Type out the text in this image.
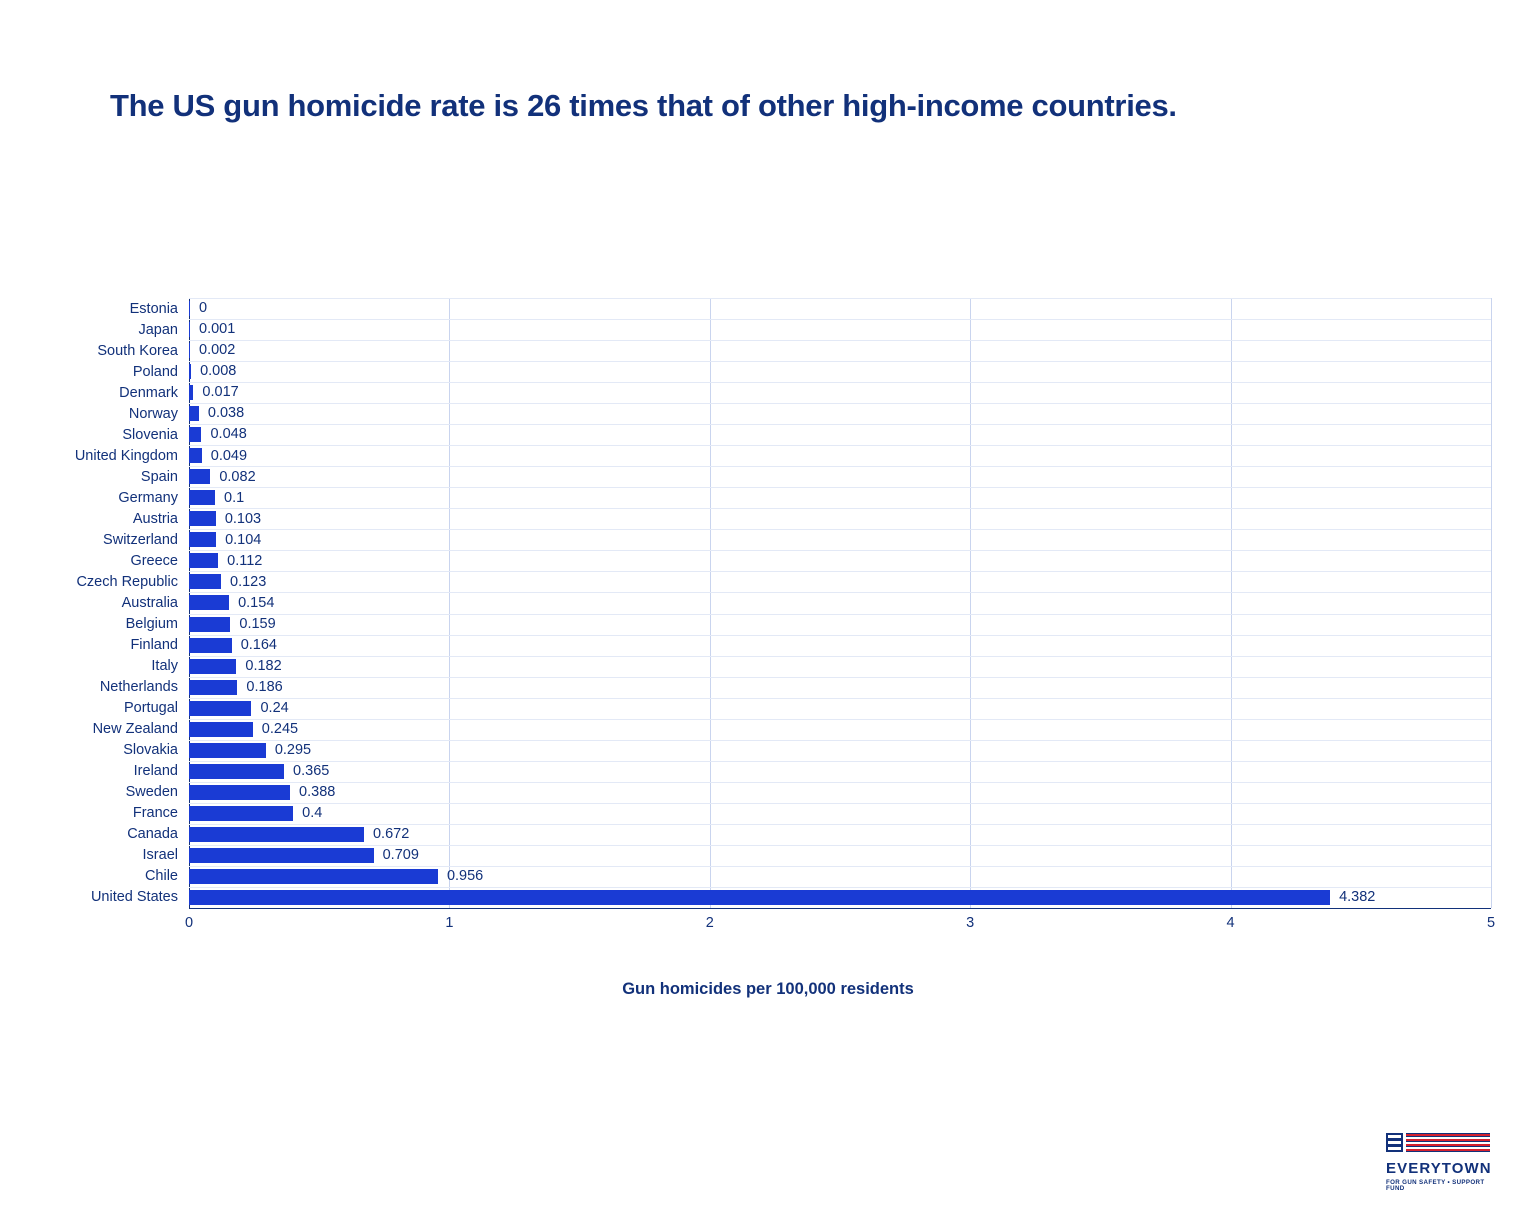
The US gun homicide rate is 26 times that of other high-income countries.
0
0.001
0.002
0.008
0.017
0.038
0.048
0.049
0.082
0.1
0.103
0.104
0.112
0.123
0.154
0.159
0.164
0.182
0.186
0.24
0.245
0.295
0.365
0.388
0.4
0.672
0.709
0.956
4.382
0	1	2	3	4	5
Gun homicides per 100,000 residents
Estonia
Japan
South Korea
Poland
Denmark
Norway
Slovenia
United Kingdom
Spain
Germany
Austria
Switzerland
Greece
Czech Republic
Australia
Belgium
Finland
Italy
Netherlands
Portugal
New Zealand
Slovakia
Ireland
Sweden
France
Canada
Israel
Chile
United States
EVERYTOWN
FOR GUN SAFETY • SUPPORT FUND
